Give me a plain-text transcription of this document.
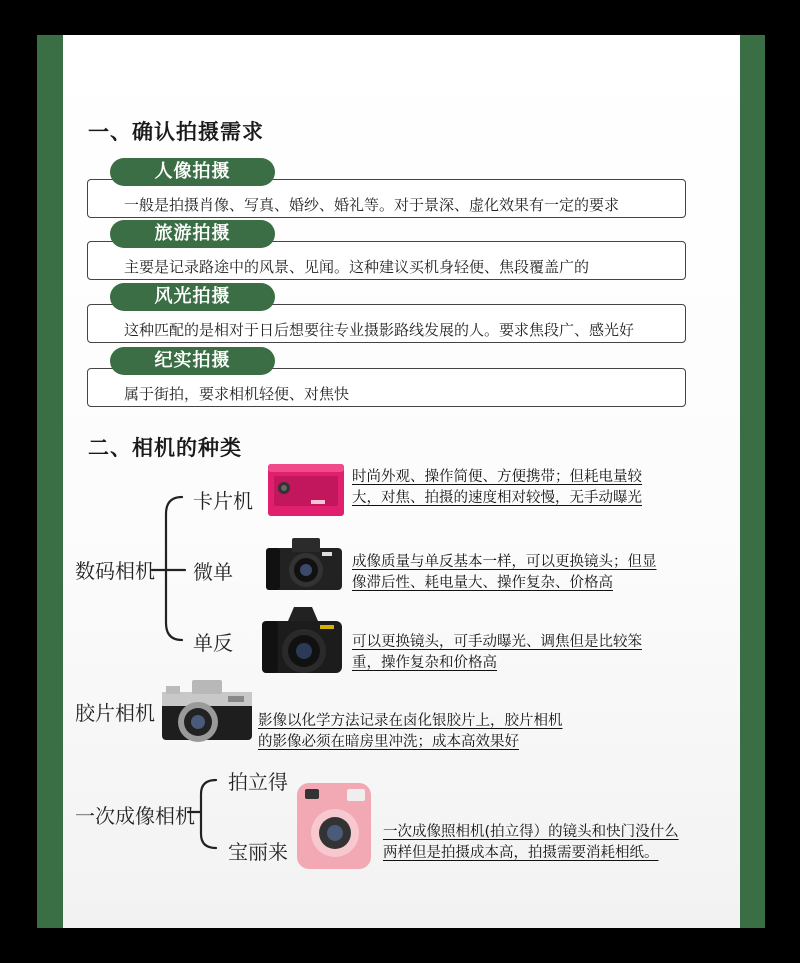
一、确认拍摄需求
一般是拍摄肖像、写真、婚纱、婚礼等。对于景深、虚化效果有一定的要求
人像拍摄
主要是记录路途中的风景、见闻。这种建议买机身轻便、焦段覆盖广的
旅游拍摄
这种匹配的是相对于日后想要往专业摄影路线发展的人。要求焦段广、感光好
风光拍摄
属于街拍，要求相机轻便、对焦快
纪实拍摄
二、相机的种类
数码相机
卡片机
微单
单反
时尚外观、操作简便、方便携带；但耗电量较
大，对焦、拍摄的速度相对较慢，无手动曝光
成像质量与单反基本一样，可以更换镜头；但显
像滞后性、耗电量大、操作复杂、价格高
可以更换镜头，可手动曝光、调焦但是比较笨
重，操作复杂和价格高
胶片相机	影像以化学方法记录在卤化银胶片上，胶片相机
的影像必须在暗房里冲洗；成本高效果好
一次成像相机
拍立得
宝丽来
一次成像照相机(拍立得）的镜头和快门没什么
两样但是拍摄成本高，拍摄需要消耗相纸。
